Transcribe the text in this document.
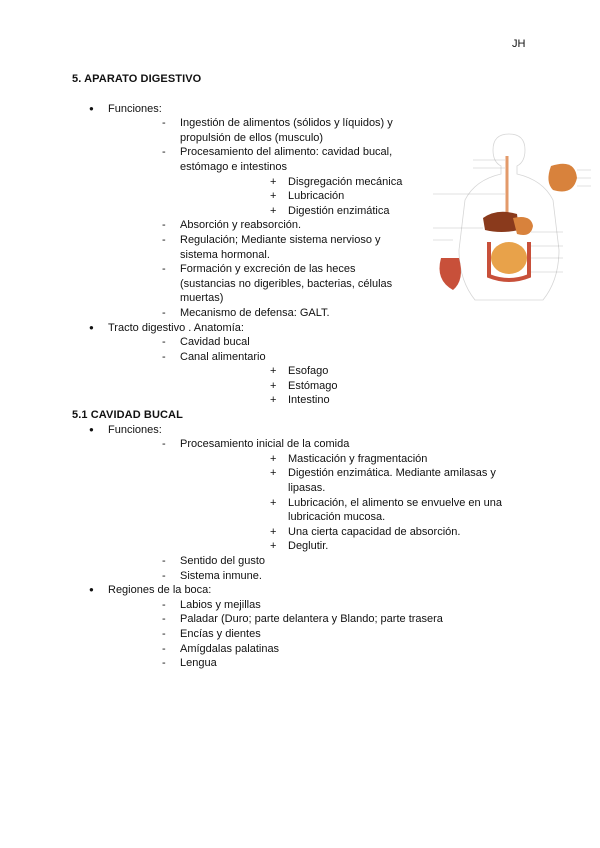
JH
5. APARATO DIGESTIVO
● Funciones:
- Ingestión de alimentos (sólidos y líquidos) y propulsión de ellos (musculo)
- Procesamiento del alimento: cavidad bucal, estómago e intestinos
+ Disgregación mecánica
+ Lubricación
+ Digestión enzimática
- Absorción y reabsorción.
- Regulación; Mediante sistema nervioso y sistema hormonal.
- Formación y excreción de las heces (sustancias no digeribles, bacterias, células muertas)
- Mecanismo de defensa: GALT.
● Tracto digestivo . Anatomía:
- Cavidad bucal
- Canal alimentario
+ Esofago
+ Estómago
+ Intestino
5.1 CAVIDAD BUCAL
● Funciones:
- Procesamiento inicial de la comida
+ Masticación y fragmentación
+ Digestión enzimática. Mediante amilasas y lipasas.
+ Lubricación, el alimento se envuelve en una lubricación mucosa.
+ Una cierta capacidad de absorción.
+ Deglutir.
- Sentido del gusto
- Sistema inmune.
● Regiones de la boca:
- Labios y mejillas
- Paladar (Duro; parte delantera y Blando; parte trasera
- Encías y dientes
- Amígdalas palatinas
- Lengua
